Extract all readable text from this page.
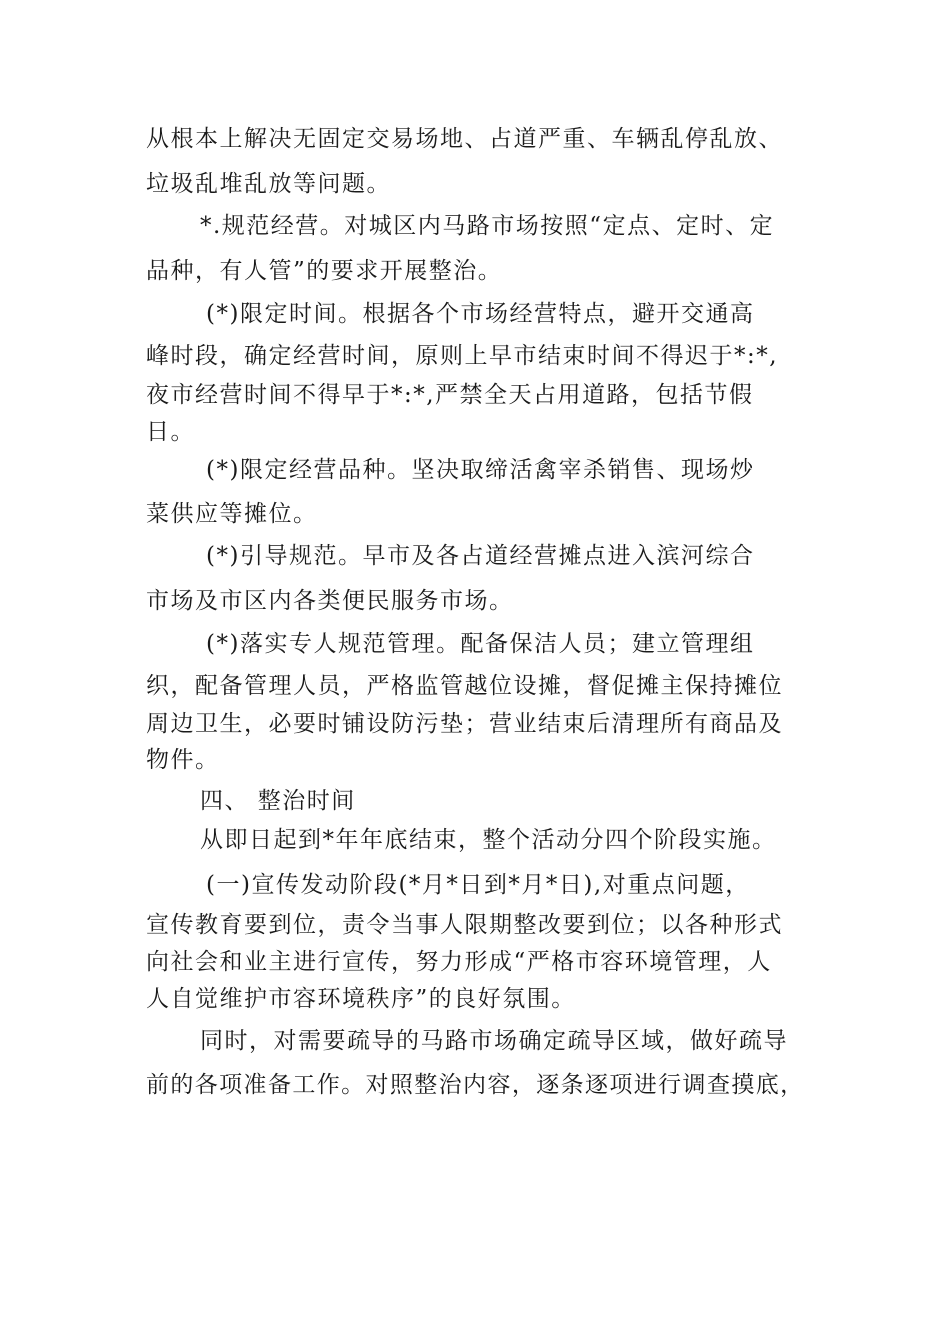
从根本上解决无固定交易场地、占道严重、车辆乱停乱放、
垃圾乱堆乱放等问题。
*.规范经营。对城区内马路市场按照“定点、定时、定
品种，有人管”的要求开展整治。
(*)限定时间。根据各个市场经营特点，避开交通高
峰时段，确定经营时间，原则上早市结束时间不得迟于*:*,
夜市经营时间不得早于*:*,严禁全天占用道路，包括节假
日。
(*)限定经营品种。坚决取缔活禽宰杀销售、现场炒
菜供应等摊位。
(*)引导规范。早市及各占道经营摊点进入滨河综合
市场及市区内各类便民服务市场。
(*)落实专人规范管理。配备保洁人员；建立管理组
织，配备管理人员，严格监管越位设摊，督促摊主保持摊位
周边卫生，必要时铺设防污垫；营业结束后清理所有商品及
物件。
四、 整治时间
从即日起到*年年底结束，整个活动分四个阶段实施。
(一)宣传发动阶段(*月*日到*月*日),对重点问题，
宣传教育要到位，责令当事人限期整改要到位；以各种形式
向社会和业主进行宣传，努力形成“严格市容环境管理，人
人自觉维护市容环境秩序”的良好氛围。
同时，对需要疏导的马路市场确定疏导区域，做好疏导
前的各项准备工作。对照整治内容，逐条逐项进行调查摸底，
